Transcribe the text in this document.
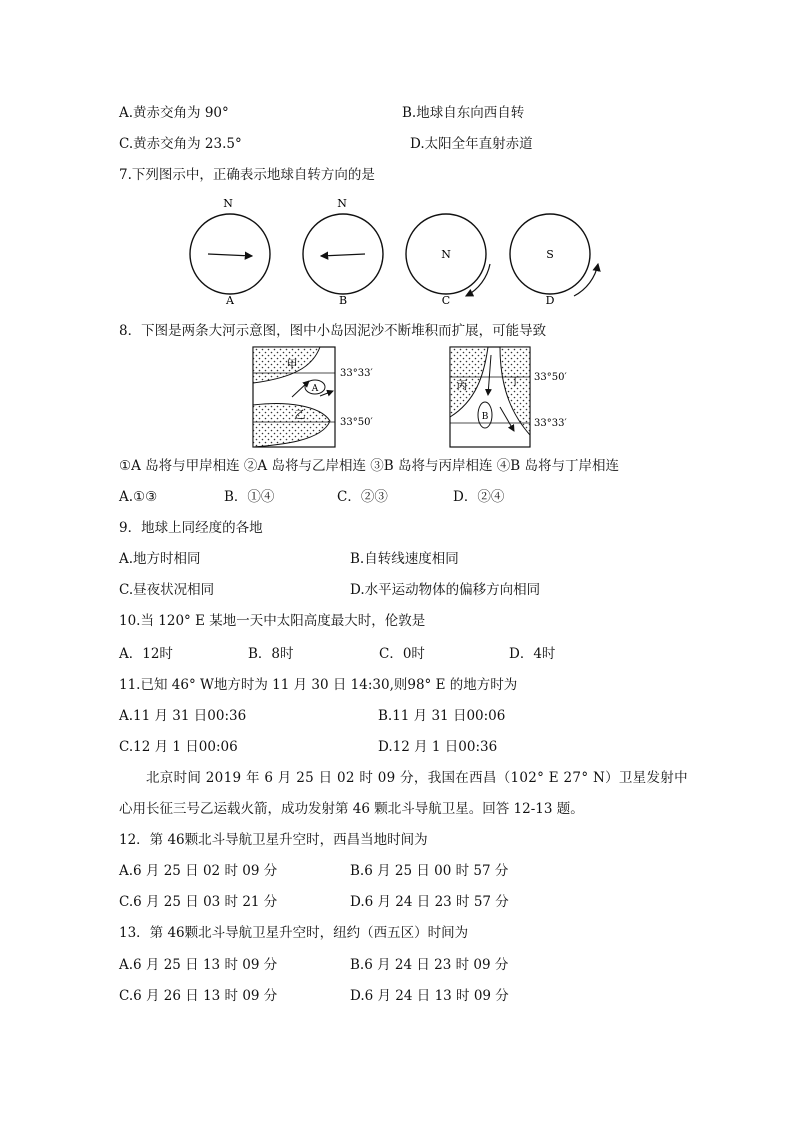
A.黄赤交角为 90°	B.地球自东向西自转
C.黄赤交角为 23.5°	D.太阳全年直射赤道
7.下列图示中，正确表示地球自转方向的是
N
A
N
B
N
C
S
D
8．下图是两条大河示意图，图中小岛因泥沙不断堆积而扩展，可能导致
甲
A
乙
33°33′
33°50′
丙	丁
B
33°50′
33°33′
①A 岛将与甲岸相连 ②A 岛将与乙岸相连 ③B 岛将与丙岸相连 ④B 岛将与丁岸相连
A.①③	B．①④	C．②③	D．②④
9．地球上同经度的各地
A.地方时相同	B.自转线速度相同
C.昼夜状况相同	D.水平运动物体的偏移方向相同
10.当 120° E 某地一天中太阳高度最大时，伦敦是
A．12时	B．8时	C．0时	D．4时
11.已知 46° W地方时为 11 月 30 日 14:30,则98° E 的地方时为
A.11 月 31 日00:36	B.11 月 31 日00:06
C.12 月 1 日00:06	D.12 月 1 日00:36
北京时间 2019 年 6 月 25 日 02 时 09 分，我国在西昌（102° E 27° N）卫星发射中
心用长征三号乙运载火箭，成功发射第 46 颗北斗导航卫星。回答 12-13 题。
12．第 46颗北斗导航卫星升空时，西昌当地时间为
A.6 月 25 日 02 时 09 分	B.6 月 25 日 00 时 57 分
C.6 月 25 日 03 时 21 分	D.6 月 24 日 23 时 57 分
13．第 46颗北斗导航卫星升空时，纽约（西五区）时间为
A.6 月 25 日 13 时 09 分	B.6 月 24 日 23 时 09 分
C.6 月 26 日 13 时 09 分	D.6 月 24 日 13 时 09 分
